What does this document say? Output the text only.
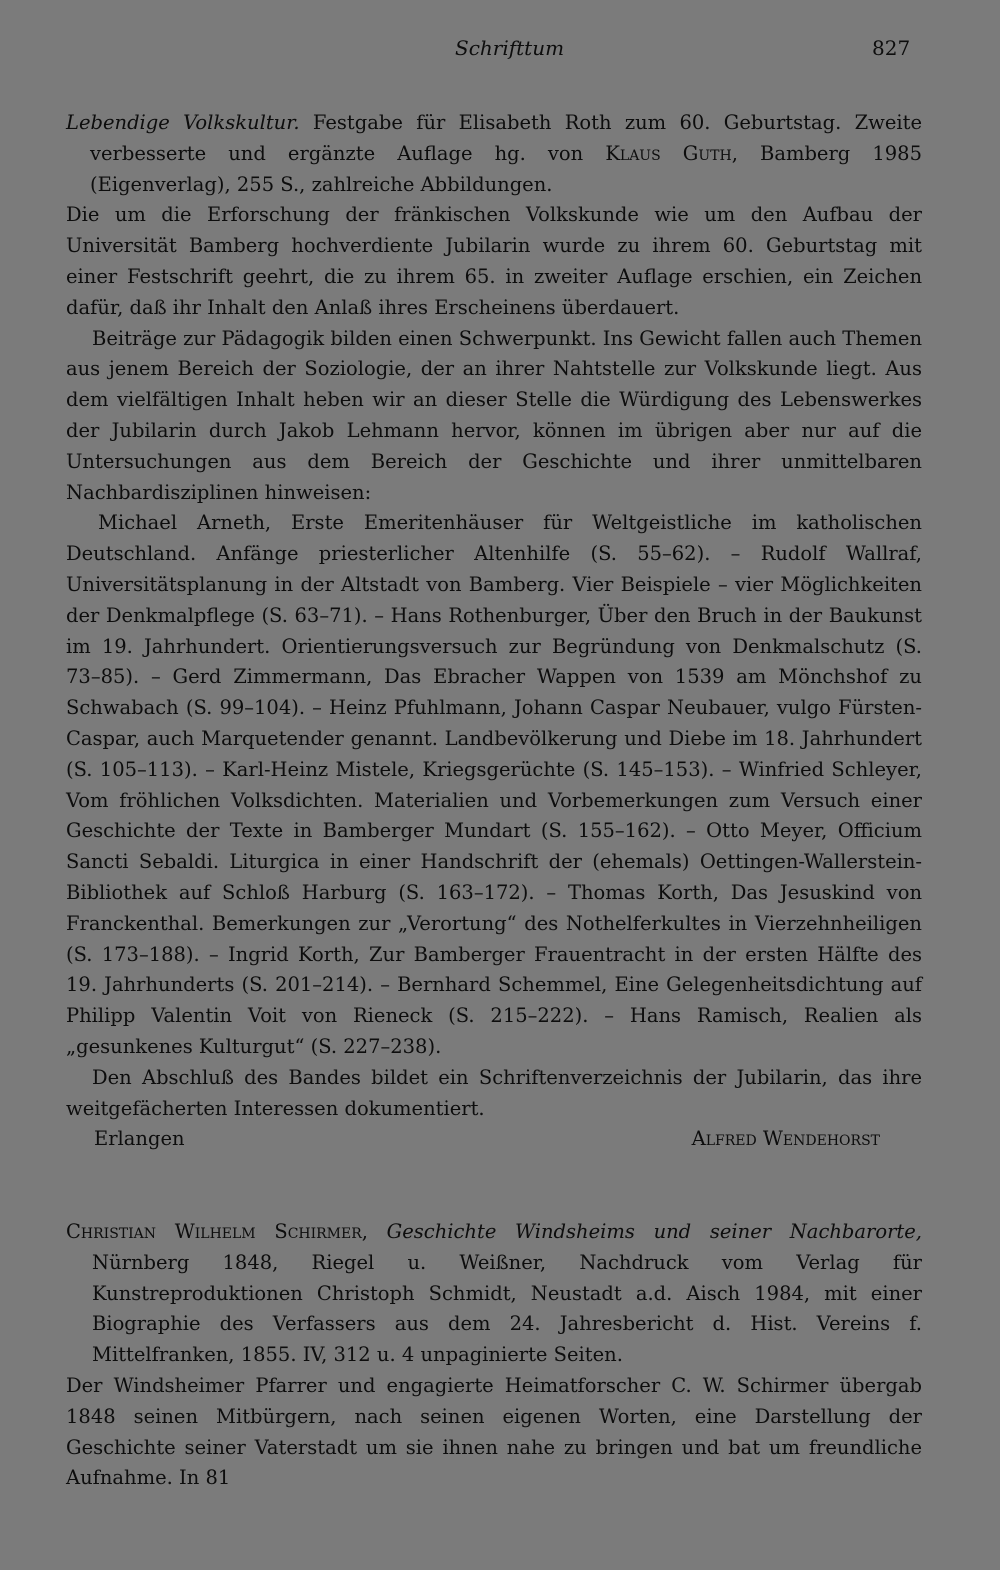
Schrifttum	827

Lebendige Volkskultur. Festgabe für Elisabeth Roth zum 60. Geburtstag. Zweite verbesserte und ergänzte Auflage hg. von Klaus Guth, Bamberg 1985 (Eigenverlag), 255 S., zahlreiche Abbildungen.

Die um die Erforschung der fränkischen Volkskunde wie um den Aufbau der Universität Bamberg hochverdiente Jubilarin wurde zu ihrem 60. Geburtstag mit einer Festschrift geehrt, die zu ihrem 65. in zweiter Auflage erschien, ein Zeichen dafür, daß ihr Inhalt den Anlaß ihres Erscheinens überdauert.

Beiträge zur Pädagogik bilden einen Schwerpunkt. Ins Gewicht fallen auch Themen aus jenem Bereich der Soziologie, der an ihrer Nahtstelle zur Volkskunde liegt. Aus dem vielfältigen Inhalt heben wir an dieser Stelle die Würdigung des Lebenswerkes der Jubilarin durch Jakob Lehmann hervor, können im übrigen aber nur auf die Untersuchungen aus dem Bereich der Geschichte und ihrer unmittelbaren Nachbardisziplinen hinweisen:

Michael Arneth, Erste Emeritenhäuser für Weltgeistliche im katholischen Deutschland. Anfänge priesterlicher Altenhilfe (S. 55–62). – Rudolf Wallraf, Universitätsplanung in der Altstadt von Bamberg. Vier Beispiele – vier Möglichkeiten der Denkmalpflege (S. 63–71). – Hans Rothenburger, Über den Bruch in der Baukunst im 19. Jahrhundert. Orientierungsversuch zur Begründung von Denkmalschutz (S. 73–85). – Gerd Zimmermann, Das Ebracher Wappen von 1539 am Mönchshof zu Schwabach (S. 99–104). – Heinz Pfuhlmann, Johann Caspar Neubauer, vulgo Fürsten-Caspar, auch Marquetender genannt. Landbevölkerung und Diebe im 18. Jahrhundert (S. 105–113). – Karl-Heinz Mistele, Kriegsgerüchte (S. 145–153). – Winfried Schleyer, Vom fröhlichen Volksdichten. Materialien und Vorbemerkungen zum Versuch einer Geschichte der Texte in Bamberger Mundart (S. 155–162). – Otto Meyer, Officium Sancti Sebaldi. Liturgica in einer Handschrift der (ehemals) Oettingen-Wallerstein-Bibliothek auf Schloß Harburg (S. 163–172). – Thomas Korth, Das Jesuskind von Franckenthal. Bemerkungen zur „Verortung“ des Nothelferkultes in Vierzehnheiligen (S. 173–188). – Ingrid Korth, Zur Bamberger Frauentracht in der ersten Hälfte des 19. Jahrhunderts (S. 201–214). – Bernhard Schemmel, Eine Gelegenheitsdichtung auf Philipp Valentin Voit von Rieneck (S. 215–222). – Hans Ramisch, Realien als „gesunkenes Kulturgut“ (S. 227–238).

Den Abschluß des Bandes bildet ein Schriftenverzeichnis der Jubilarin, das ihre weitgefächerten Interessen dokumentiert.

Erlangen	Alfred Wendehorst

Christian Wilhelm Schirmer, Geschichte Windsheims und seiner Nachbarorte, Nürnberg 1848, Riegel u. Weißner, Nachdruck vom Verlag für Kunstreproduktionen Christoph Schmidt, Neustadt a.d. Aisch 1984, mit einer Biographie des Verfassers aus dem 24. Jahresbericht d. Hist. Vereins f. Mittelfranken, 1855. IV, 312 u. 4 unpaginierte Seiten.

Der Windsheimer Pfarrer und engagierte Heimatforscher C. W. Schirmer übergab 1848 seinen Mitbürgern, nach seinen eigenen Worten, eine Darstellung der Geschichte seiner Vaterstadt um sie ihnen nahe zu bringen und bat um freundliche Aufnahme. In 81
